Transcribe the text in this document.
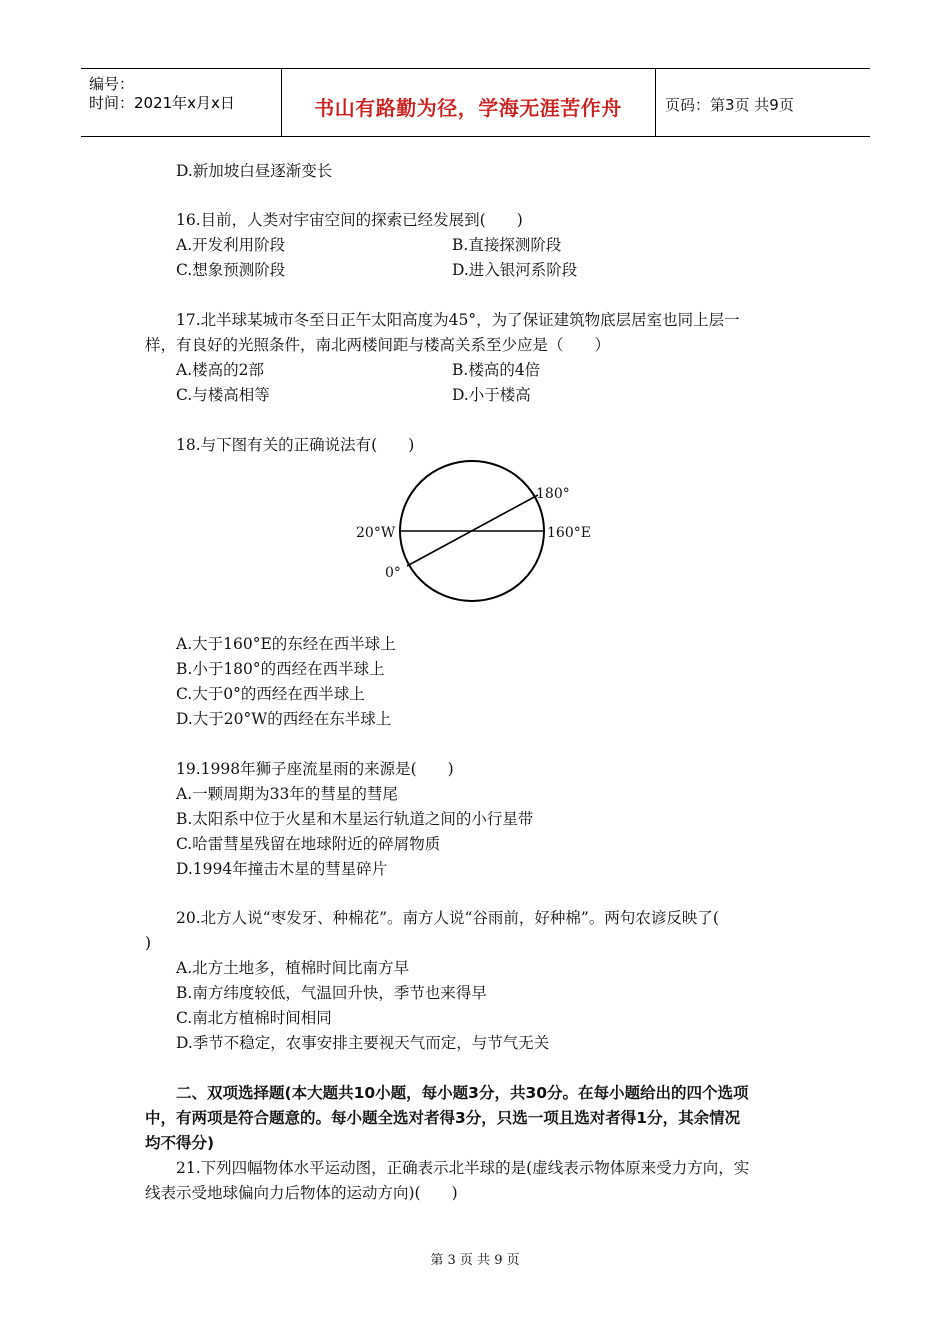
编号：
时间：2021年x月x日	书山有路勤为径，学海无涯苦作舟	页码：第3页 共9页
D.新加坡白昼逐渐变长
16.目前，人类对宇宙空间的探索已经发展到(　　)
A.开发利用阶段	B.直接探测阶段
C.想象预测阶段	D.进入银河系阶段
17.北半球某城市冬至日正午太阳高度为45°，为了保证建筑物底层居室也同上层一
样，有良好的光照条件，南北两楼间距与楼高关系至少应是（　　）
A.楼高的2部	B.楼高的4倍
C.与楼高相等	D.小于楼高
18.与下图有关的正确说法有(　　)
180°
20°W	160°E
0°
A.大于160°E的东经在西半球上
B.小于180°的西经在西半球上
C.大于0°的西经在西半球上
D.大于20°W的西经在东半球上
19.1998年狮子座流星雨的来源是(　　)
A.一颗周期为33年的彗星的彗尾
B.太阳系中位于火星和木星运行轨道之间的小行星带
C.哈雷彗星残留在地球附近的碎屑物质
D.1994年撞击木星的彗星碎片
20.北方人说“枣发牙、种棉花”。南方人说“谷雨前，好种棉”。两句农谚反映了(
)
A.北方土地多，植棉时间比南方早
B.南方纬度较低，气温回升快，季节也来得早
C.南北方植棉时间相同
D.季节不稳定，农事安排主要视天气而定，与节气无关
二、双项选择题(本大题共10小题，每小题3分，共30分。在每小题给出的四个选项
中，有两项是符合题意的。每小题全选对者得3分，只选一项且选对者得1分，其余情况
均不得分)
21.下列四幅物体水平运动图，正确表示北半球的是(虚线表示物体原来受力方向，实
线表示受地球偏向力后物体的运动方向)(　　)
第 3 页 共 9 页
